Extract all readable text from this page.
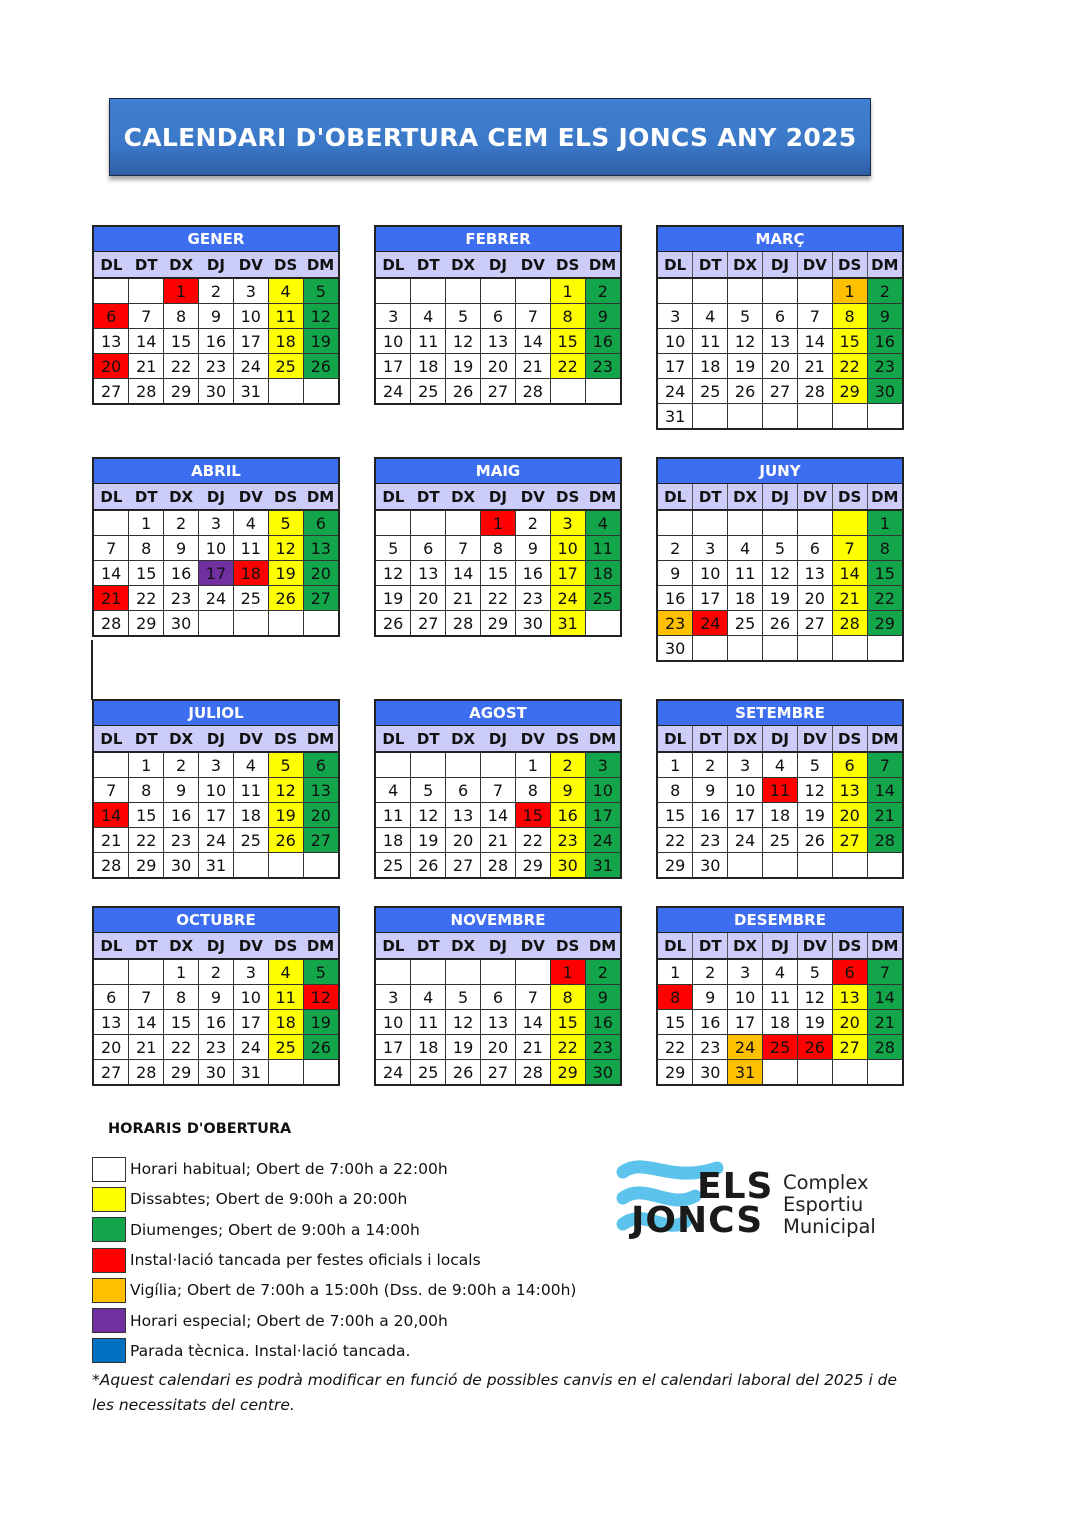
CALENDARI D'OBERTURA CEM ELS JONCS ANY 2025
GENER
DL	DT	DX	DJ	DV	DS	DM
		1	2	3	4	5
6	7	8	9	10	11	12
13	14	15	16	17	18	19
20	21	22	23	24	25	26
27	28	29	30	31		
FEBRER
DL	DT	DX	DJ	DV	DS	DM
					1	2
3	4	5	6	7	8	9
10	11	12	13	14	15	16
17	18	19	20	21	22	23
24	25	26	27	28		
MARÇ
DL	DT	DX	DJ	DV	DS	DM
					1	2
3	4	5	6	7	8	9
10	11	12	13	14	15	16
17	18	19	20	21	22	23
24	25	26	27	28	29	30
31						
ABRIL
DL	DT	DX	DJ	DV	DS	DM
	1	2	3	4	5	6
7	8	9	10	11	12	13
14	15	16	17	18	19	20
21	22	23	24	25	26	27
28	29	30				
MAIG
DL	DT	DX	DJ	DV	DS	DM
			1	2	3	4
5	6	7	8	9	10	11
12	13	14	15	16	17	18
19	20	21	22	23	24	25
26	27	28	29	30	31	
JUNY
DL	DT	DX	DJ	DV	DS	DM
						1
2	3	4	5	6	7	8
9	10	11	12	13	14	15
16	17	18	19	20	21	22
23	24	25	26	27	28	29
30						
JULIOL
DL	DT	DX	DJ	DV	DS	DM
	1	2	3	4	5	6
7	8	9	10	11	12	13
14	15	16	17	18	19	20
21	22	23	24	25	26	27
28	29	30	31			
AGOST
DL	DT	DX	DJ	DV	DS	DM
				1	2	3
4	5	6	7	8	9	10
11	12	13	14	15	16	17
18	19	20	21	22	23	24
25	26	27	28	29	30	31
SETEMBRE
DL	DT	DX	DJ	DV	DS	DM
1	2	3	4	5	6	7
8	9	10	11	12	13	14
15	16	17	18	19	20	21
22	23	24	25	26	27	28
29	30					
OCTUBRE
DL	DT	DX	DJ	DV	DS	DM
		1	2	3	4	5
6	7	8	9	10	11	12
13	14	15	16	17	18	19
20	21	22	23	24	25	26
27	28	29	30	31		
NOVEMBRE
DL	DT	DX	DJ	DV	DS	DM
					1	2
3	4	5	6	7	8	9
10	11	12	13	14	15	16
17	18	19	20	21	22	23
24	25	26	27	28	29	30
DESEMBRE
DL	DT	DX	DJ	DV	DS	DM
1	2	3	4	5	6	7
8	9	10	11	12	13	14
15	16	17	18	19	20	21
22	23	24	25	26	27	28
29	30	31				
HORARIS D'OBERTURA
Horari habitual; Obert de 7:00h a 22:00h
Dissabtes; Obert de 9:00h a 20:00h
Diumenges; Obert de 9:00h a 14:00h
Instal·lació tancada per festes oficials i locals
Vigília; Obert de 7:00h a 15:00h (Dss. de 9:00h a 14:00h)
Horari especial; Obert de 7:00h a 20,00h
Parada tècnica. Instal·lació tancada.
ELS
JONCS
Complex
Esportiu
Municipal
*Aquest calendari es podrà modificar en funció de possibles canvis en el calendari laboral del 2025 i de les necessitats del centre.
